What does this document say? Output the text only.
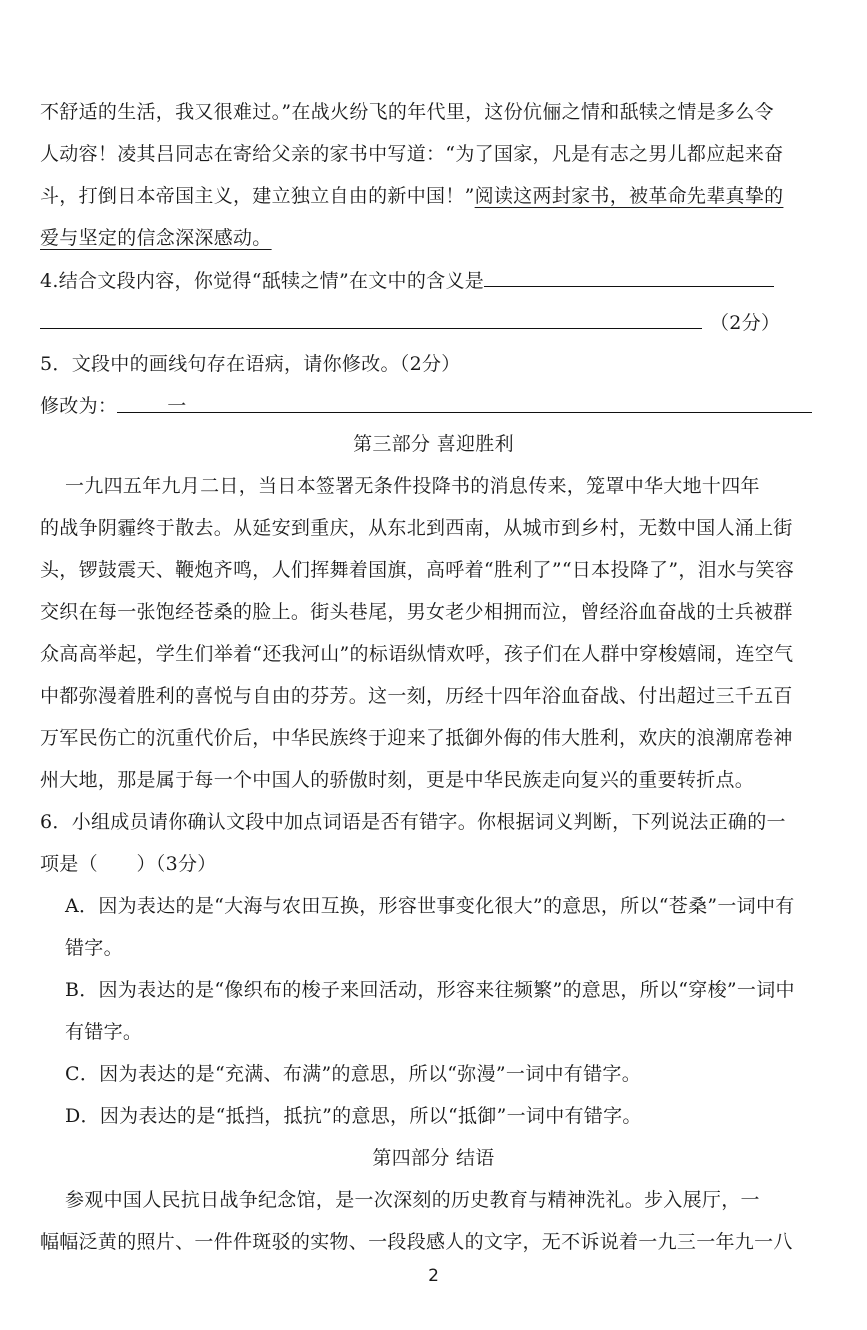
不舒适的生活，我又很难过。”在战火纷飞的年代里，这份伉俪之情和舐犊之情是多么令
人动容！凌其吕同志在寄给父亲的家书中写道：“为了国家，凡是有志之男儿都应起来奋
斗，打倒日本帝国主义，建立独立自由的新中国！”阅读这两封家书，被革命先辈真挚的
爱与坚定的信念深深感动。
4.结合文段内容，你觉得“舐犊之情”在文中的含义是
（2分）
5．文段中的画线句存在语病，请你修改。（2分）
修改为：	一
第三部分 喜迎胜利
一九四五年九月二日，当日本签署无条件投降书的消息传来，笼罩中华大地十四年
的战争阴霾终于散去。从延安到重庆，从东北到西南，从城市到乡村，无数中国人涌上街
头，锣鼓震天、鞭炮齐鸣，人们挥舞着国旗，高呼着“胜利了”“日本投降了”，泪水与笑容
交织在每一张饱经苍桑的脸上。街头巷尾，男女老少相拥而泣，曾经浴血奋战的士兵被群
众高高举起，学生们举着“还我河山”的标语纵情欢呼，孩子们在人群中穿梭嬉闹，连空气
中都弥漫着胜利的喜悦与自由的芬芳。这一刻，历经十四年浴血奋战、付出超过三千五百
万军民伤亡的沉重代价后，中华民族终于迎来了抵御外侮的伟大胜利，欢庆的浪潮席卷神
州大地，那是属于每一个中国人的骄傲时刻，更是中华民族走向复兴的重要转折点。
6．小组成员请你确认文段中加点词语是否有错字。你根据词义判断，下列说法正确的一
项是（　　）（3分）
A．因为表达的是“大海与农田互换，形容世事变化很大”的意思，所以“苍桑”一词中有
错字。
B．因为表达的是“像织布的梭子来回活动，形容来往频繁”的意思，所以“穿梭”一词中
有错字。
C．因为表达的是“充满、布满”的意思，所以“弥漫”一词中有错字。
D．因为表达的是“抵挡，抵抗”的意思，所以“抵御”一词中有错字。
第四部分 结语
参观中国人民抗日战争纪念馆，是一次深刻的历史教育与精神洗礼。步入展厅，一
幅幅泛黄的照片、一件件斑驳的实物、一段段感人的文字，无不诉说着一九三一年九一八
2
